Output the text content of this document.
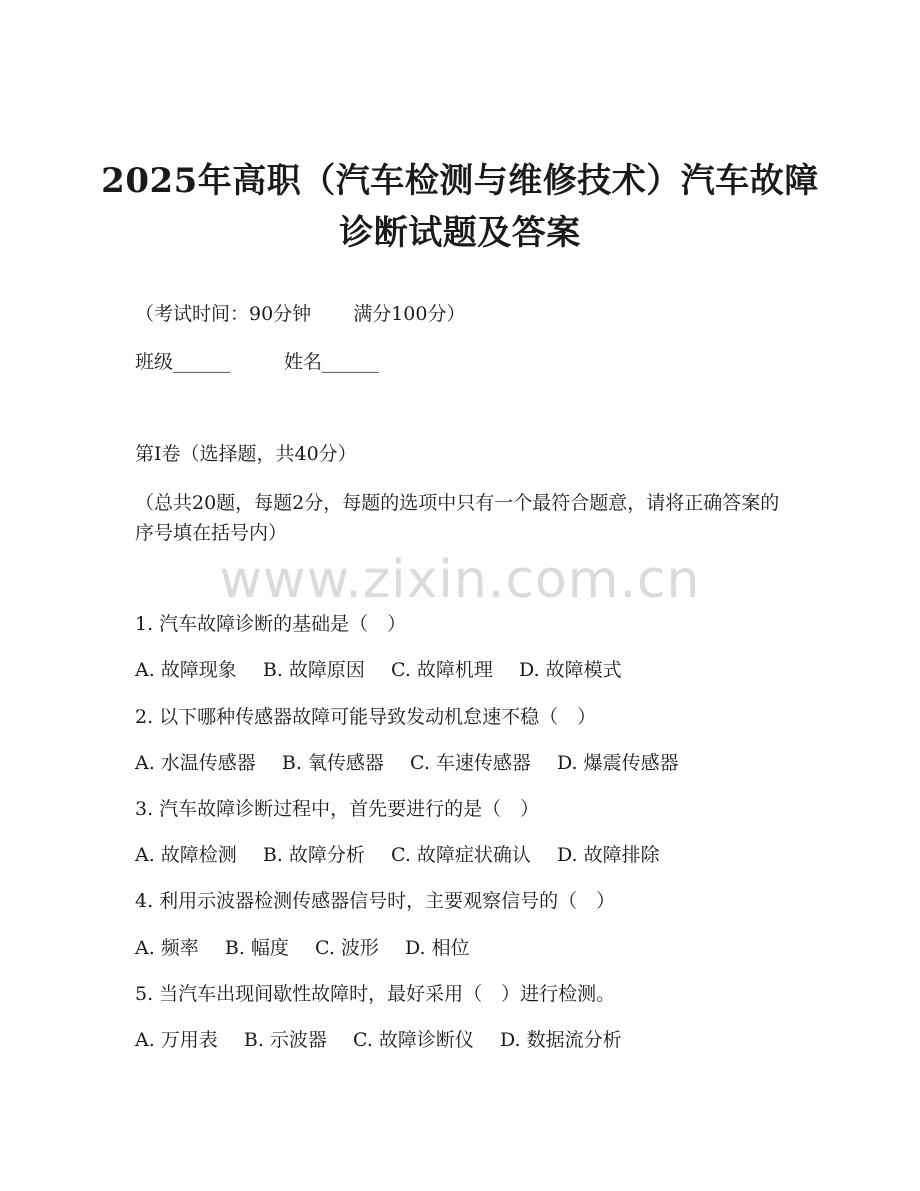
2025年高职（汽车检测与维修技术）汽车故障诊断试题及答案
（考试时间：90分钟 满分100分）
班级______	姓名______
第I卷（选择题，共40分）
（总共20题，每题2分，每题的选项中只有一个最符合题意，请将正确答案的序号填在括号内）
www.zixin.com.cn
1. 汽车故障诊断的基础是（　）
A. 故障现象 B. 故障原因 C. 故障机理 D. 故障模式
2. 以下哪种传感器故障可能导致发动机怠速不稳（　）
A. 水温传感器 B. 氧传感器 C. 车速传感器 D. 爆震传感器
3. 汽车故障诊断过程中，首先要进行的是（　）
A. 故障检测 B. 故障分析 C. 故障症状确认 D. 故障排除
4. 利用示波器检测传感器信号时，主要观察信号的（　）
A. 频率 B. 幅度 C. 波形 D. 相位
5. 当汽车出现间歇性故障时，最好采用（　）进行检测。
A. 万用表 B. 示波器 C. 故障诊断仪 D. 数据流分析
